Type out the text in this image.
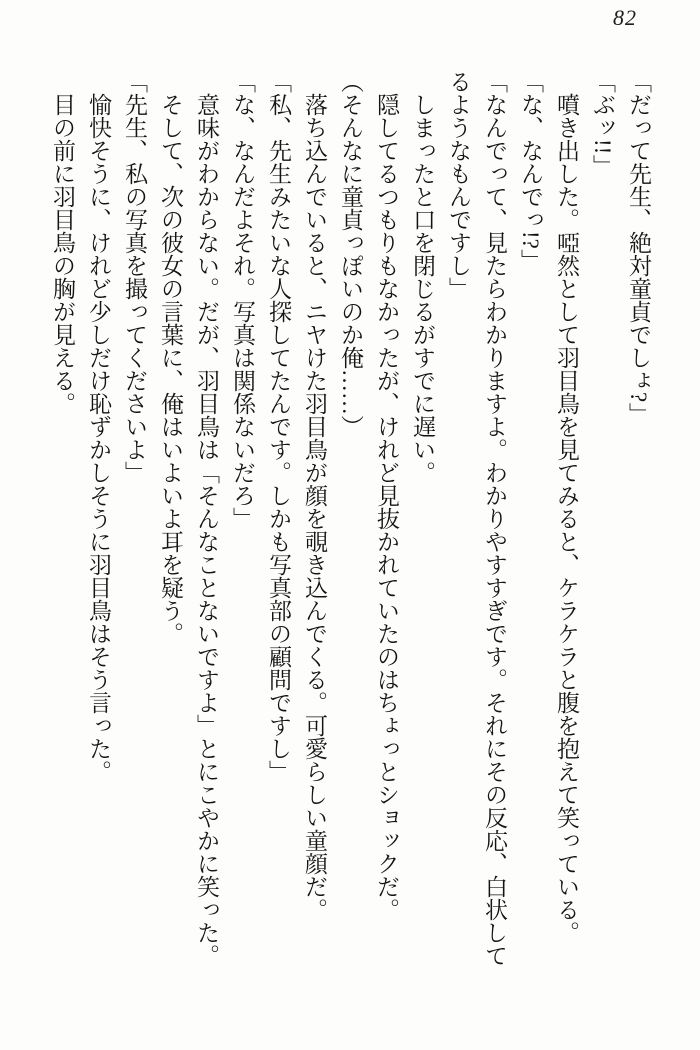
82

「だって先生、絶対童貞でしょ?」

「ぶッ!!」

　噴き出した。啞然として羽目鳥を見てみると、ケラケラと腹を抱えて笑っている。

「な、なんでっ!?」

「なんでって、見たらわかりますよ。わかりやすすぎです。それにその反応、白状してるようなもんですし」

　しまったと口を閉じるがすでに遅い。

　隠してるつもりもなかったが、けれど見抜かれていたのはちょっとショックだ。

（そんなに童貞っぽいのか俺……）

　落ち込んでいると、ニヤけた羽目鳥が顔を覗き込んでくる。可愛らしい童顔だ。

「私、先生みたいな人探してたんです。しかも写真部の顧問ですし」

「な、なんだよそれ。写真は関係ないだろ」

　意味がわからない。だが、羽目鳥は「そんなことないですよ」とにこやかに笑った。

　そして、次の彼女の言葉に、俺はいよいよ耳を疑う。

「先生、私の写真を撮ってくださいよ」

　愉快そうに、けれど少しだけ恥ずかしそうに羽目鳥はそう言った。

　目の前に羽目鳥の胸が見える。
